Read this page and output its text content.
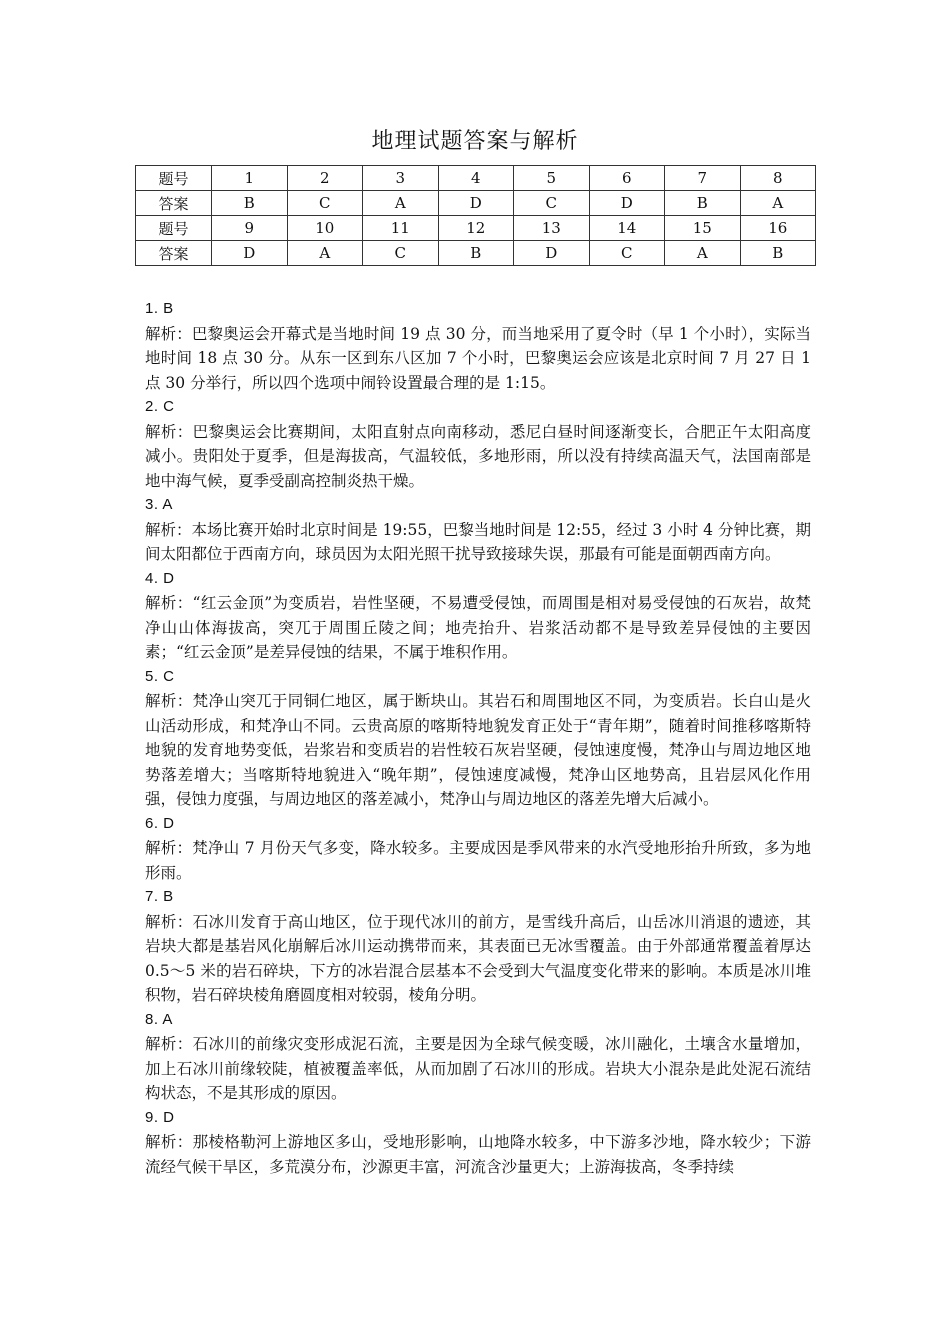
地理试题答案与解析
题号	1	2	3	4	5	6	7	8
答案	B	C	A	D	C	D	B	A
题号	9	10	11	12	13	14	15	16
答案	D	A	C	B	D	C	A	B
1. B
解析：巴黎奥运会开幕式是当地时间 19 点 30 分，而当地采用了夏令时（早 1 个小时），实际当地时间 18 点 30 分。从东一区到东八区加 7 个小时，巴黎奥运会应该是北京时间 7 月 27 日 1 点 30 分举行，所以四个选项中闹铃设置最合理的是 1:15。
2. C
解析：巴黎奥运会比赛期间，太阳直射点向南移动，悉尼白昼时间逐渐变长，合肥正午太阳高度减小。贵阳处于夏季，但是海拔高，气温较低，多地形雨，所以没有持续高温天气，法国南部是地中海气候，夏季受副高控制炎热干燥。
3. A
解析：本场比赛开始时北京时间是 19:55，巴黎当地时间是 12:55，经过 3 小时 4 分钟比赛，期间太阳都位于西南方向，球员因为太阳光照干扰导致接球失误，那最有可能是面朝西南方向。
4. D
解析：“红云金顶”为变质岩，岩性坚硬，不易遭受侵蚀，而周围是相对易受侵蚀的石灰岩，故梵净山山体海拔高，突兀于周围丘陵之间；地壳抬升、岩浆活动都不是导致差异侵蚀的主要因素；“红云金顶”是差异侵蚀的结果，不属于堆积作用。
5. C
解析：梵净山突兀于同铜仁地区，属于断块山。其岩石和周围地区不同，为变质岩。长白山是火山活动形成，和梵净山不同。云贵高原的喀斯特地貌发育正处于“青年期”，随着时间推移喀斯特地貌的发育地势变低，岩浆岩和变质岩的岩性较石灰岩坚硬，侵蚀速度慢，梵净山与周边地区地势落差增大；当喀斯特地貌进入“晚年期”，侵蚀速度减慢，梵净山区地势高，且岩层风化作用强，侵蚀力度强，与周边地区的落差减小，梵净山与周边地区的落差先增大后减小。
6. D
解析：梵净山 7 月份天气多变，降水较多。主要成因是季风带来的水汽受地形抬升所致，多为地形雨。
7. B
解析：石冰川发育于高山地区，位于现代冰川的前方，是雪线升高后，山岳冰川消退的遗迹，其岩块大都是基岩风化崩解后冰川运动携带而来，其表面已无冰雪覆盖。由于外部通常覆盖着厚达 0.5～5 米的岩石碎块，下方的冰岩混合层基本不会受到大气温度变化带来的影响。本质是冰川堆积物，岩石碎块棱角磨圆度相对较弱，棱角分明。
8. A
解析：石冰川的前缘灾变形成泥石流，主要是因为全球气候变暖，冰川融化，土壤含水量增加，加上石冰川前缘较陡，植被覆盖率低，从而加剧了石冰川的形成。岩块大小混杂是此处泥石流结构状态，不是其形成的原因。
9. D
解析：那棱格勒河上游地区多山，受地形影响，山地降水较多，中下游多沙地，降水较少；下游流经气候干旱区，多荒漠分布，沙源更丰富，河流含沙量更大；上游海拔高，冬季持续
